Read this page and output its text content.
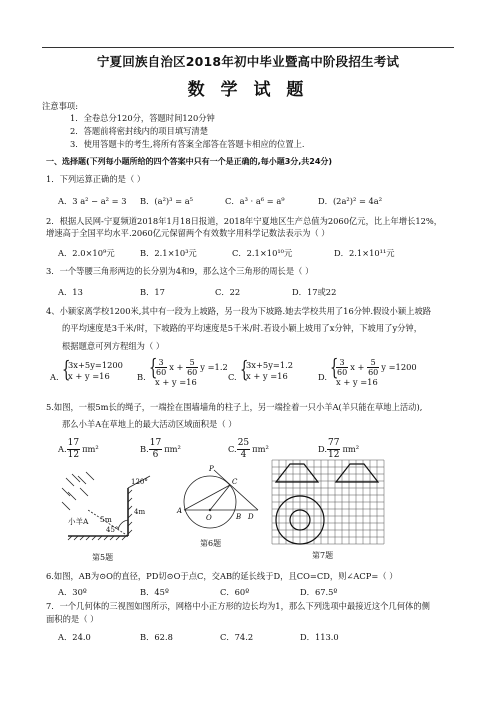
宁夏回族自治区2018年初中毕业暨高中阶段招生考试
数 学 试 题
注意事项:
1．全卷总分120分，答题时间120分钟
2．答题前将密封线内的项目填写清楚
3．使用答题卡的考生,将所有答案全部答在答题卡相应的位置上.
一、选择题(下列每小题所给的四个答案中只有一个是正确的,每小题3分,共24分)
1．下列运算正确的是（ ）
A．3 a² − a² = 3 B．(a²)³ = a⁵	C．a³ · a⁶ = a⁹	D．(2a²)² = 4a²
2．根据人民网-宁夏频道2018年1月18日报道，2018年宁夏地区生产总值为2060亿元，比上年增长12%，
增速高于全国平均水平.2060亿元保留两个有效数字用科学记数法表示为（ ）
A．2.0×10⁹元	B．2.1×10³元	C．2.1×10¹⁰元	D．2.1×10¹¹元
3．一个等腰三角形两边的长分别为4和9，那么这个三角形的周长是（ ）
A．13	B．17	C．22	D．17或22
4、小颖家离学校1200米,其中有一段为上坡路，另一段为下坡路.她去学校共用了16分钟.假设小颖上坡路
的平均速度是3千米/时，下坡路的平均速度是5千米/时.若设小颖上坡用了x分钟，下坡用了y分钟，
根据题意可列方程组为（ ）
A. {
3x+5y=1200
x + y =16	B. {
$\frac{3}{60}$ $x + \frac{5}{60}$ y =1.2
x + y =16	C. {
3x+5y=1.2
x + y =16	D. {
$\frac{3}{60}$ $x + \frac{5}{60}$ y =1200
x + y =16
5.如图，一根5m长的绳子，一端拴在围墙墙角的柱子上，另一端拴着一只小羊A(羊只能在草地上活动),
那么小羊A在草地上的最大活动区域面积是（ ）
A. $\frac{17}{12} \pi m^2$	B. $\frac{17}{6} \pi m^2$	C. $\frac{25}{4} \pi m^2$	D. $\frac{77}{12} \pi m^2$
小羊A 5m
120°
4m
45°
第5题
P
C
A
O	B D
第6题
第7题
6.如图，AB为⊙O的直径，PD切⊙O于点C，交AB的延长线于D，且CO=CD，则∠ACP=（ ）
A．30º	B．45º	C．60º	D．67.5º
7．一个几何体的三视图如图所示，网格中小正方形的边长均为1，那么下列选项中最接近这个几何体的侧
面积的是（ ）
A．24.0	B．62.8	C．74.2	D．113.0
